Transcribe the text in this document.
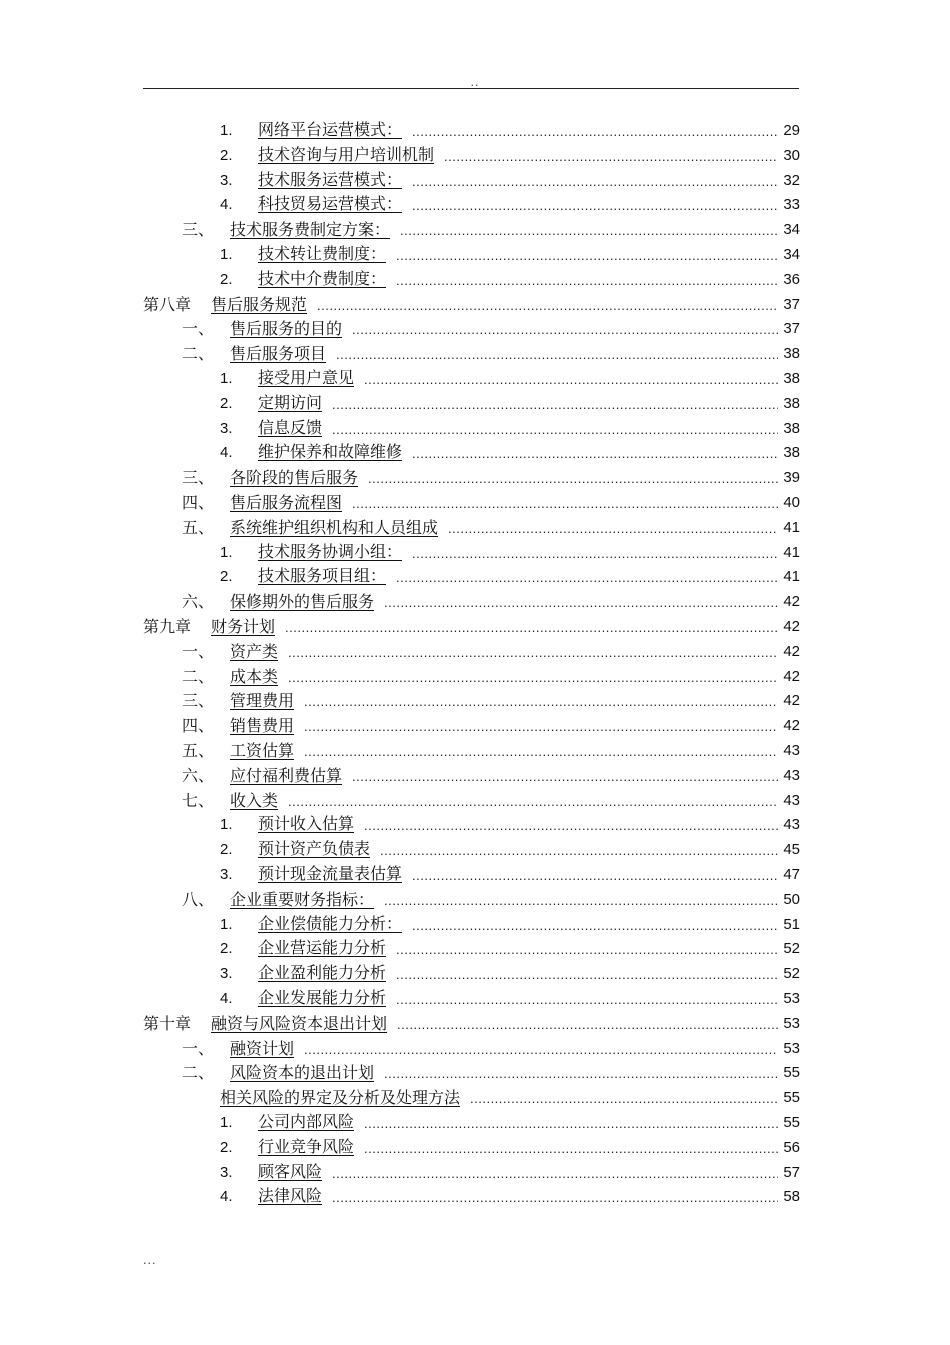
..
1. 网络平台运营模式： .....	29
2. 技术咨询与用户培训机制 .....	30
3. 技术服务运营模式： .....	32
4. 科技贸易运营模式： .....	33
三、 技术服务费制定方案： .....	34
1. 技术转让费制度： .....	34
2. 技术中介费制度： .....	36
第八章 售后服务规范 .....	37
一、 售后服务的目的 .....	37
二、 售后服务项目 .....	38
1. 接受用户意见 .....	38
2. 定期访问 .....	38
3. 信息反馈 .....	38
4. 维护保养和故障维修 .....	38
三、 各阶段的售后服务 .....	39
四、 售后服务流程图 .....	40
五、 系统维护组织机构和人员组成 .....	41
1. 技术服务协调小组： .....	41
2. 技术服务项目组： .....	41
六、 保修期外的售后服务 .....	42
第九章 财务计划 .....	42
一、 资产类 .....	42
二、 成本类 .....	42
三、 管理费用 .....	42
四、 销售费用 .....	42
五、 工资估算 .....	43
六、 应付福利费估算 .....	43
七、 收入类 .....	43
1. 预计收入估算 .....	43
2. 预计资产负债表 .....	45
3. 预计现金流量表估算 .....	47
八、 企业重要财务指标： .....	50
1. 企业偿债能力分析： .....	51
2. 企业营运能力分析 .....	52
3. 企业盈利能力分析 .....	52
4. 企业发展能力分析 .....	53
第十章 融资与风险资本退出计划 .....	53
一、 融资计划 .....	53
二、 风险资本的退出计划 .....	55
相关风险的界定及分析及处理方法 .....	55
1. 公司内部风险 .....	55
2. 行业竞争风险 .....	56
3. 顾客风险 .....	57
4. 法律风险 .....	58
...
